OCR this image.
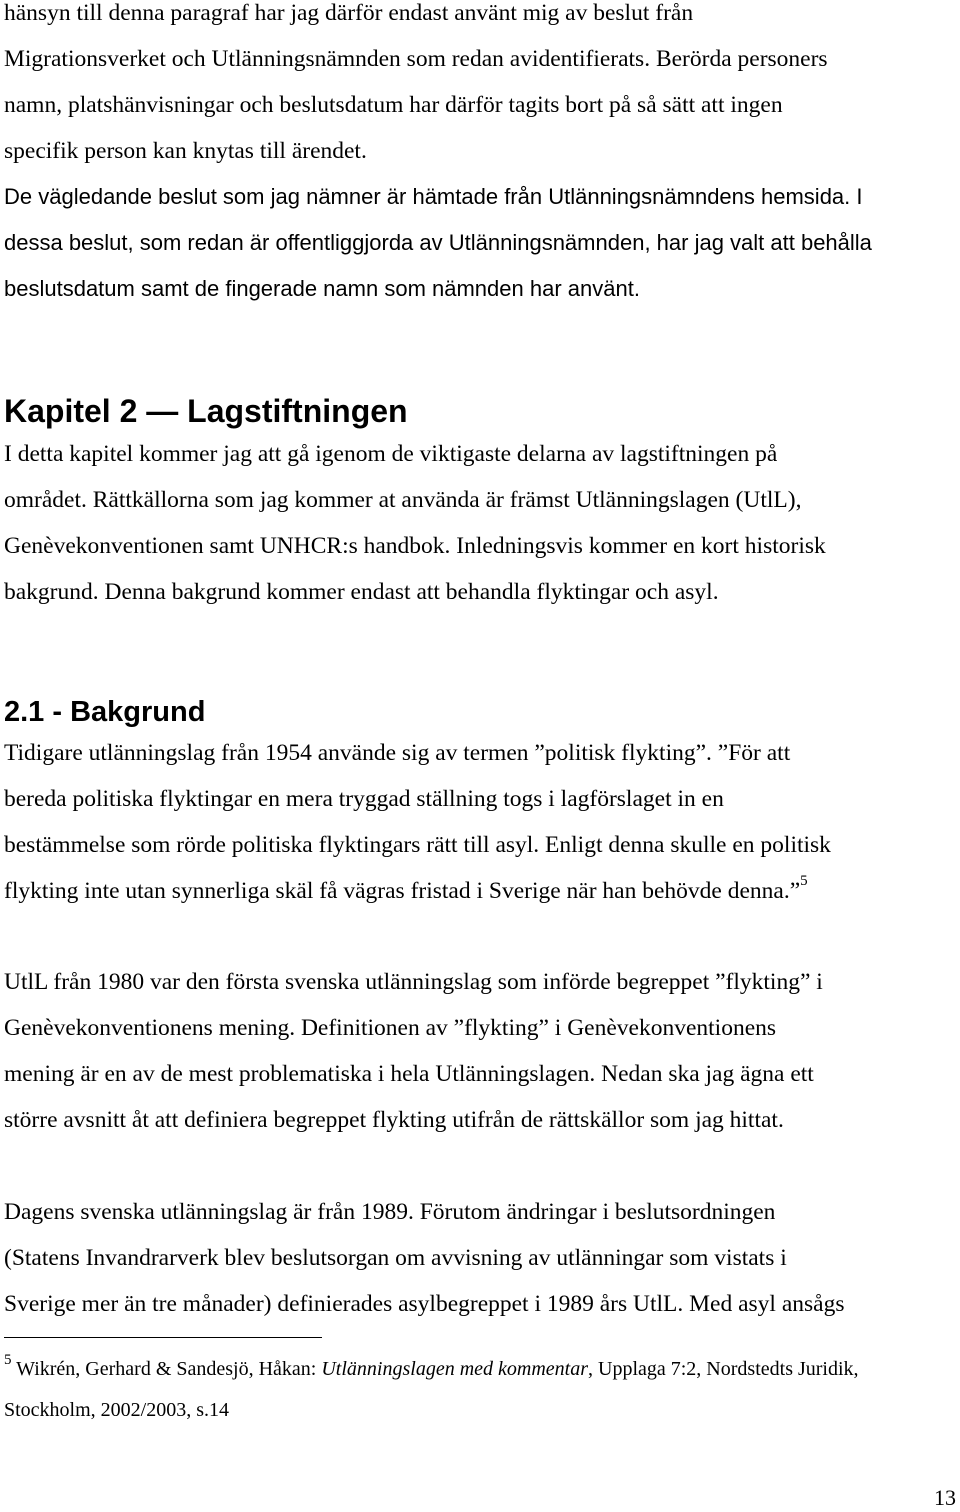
hänsyn till denna paragraf har jag därför endast använt mig av beslut från
Migrationsverket och Utlänningsnämnden som redan avidentifierats. Berörda personers
namn, platshänvisningar och beslutsdatum har därför tagits bort på så sätt att ingen
specifik person kan knytas till ärendet.
De vägledande beslut som jag nämner är hämtade från Utlänningsnämndens hemsida. I
dessa beslut, som redan är offentliggjorda av Utlänningsnämnden, har jag valt att behålla
beslutsdatum samt de fingerade namn som nämnden har använt.
Kapitel 2 — Lagstiftningen
I detta kapitel kommer jag att gå igenom de viktigaste delarna av lagstiftningen på
området. Rättkällorna som jag kommer at använda är främst Utlänningslagen (UtlL),
Genèvekonventionen samt UNHCR:s handbok. Inledningsvis kommer en kort historisk
bakgrund. Denna bakgrund kommer endast att behandla flyktingar och asyl.
2.1 - Bakgrund
Tidigare utlänningslag från 1954 använde sig av termen ”politisk flykting”. ”För att
bereda politiska flyktingar en mera tryggad ställning togs i lagförslaget in en
bestämmelse som rörde politiska flyktingars rätt till asyl. Enligt denna skulle en politisk
flykting inte utan synnerliga skäl få vägras fristad i Sverige när han behövde denna.”$^5$
UtlL från 1980 var den första svenska utlänningslag som införde begreppet ”flykting” i
Genèvekonventionens mening. Definitionen av ”flykting” i Genèvekonventionens
mening är en av de mest problematiska i hela Utlänningslagen. Nedan ska jag ägna ett
större avsnitt åt att definiera begreppet flykting utifrån de rättskällor som jag hittat.
Dagens svenska utlänningslag är från 1989. Förutom ändringar i beslutsordningen
(Statens Invandrarverk blev beslutsorgan om avvisning av utlänningar som vistats i
Sverige mer än tre månader) definierades asylbegreppet i 1989 års UtlL. Med asyl ansågs
$^5$ Wikrén, Gerhard & Sandesjö, Håkan: Utlänningslagen med kommentar, Upplaga 7:2, Nordstedts Juridik,
Stockholm, 2002/2003, s.14
13
